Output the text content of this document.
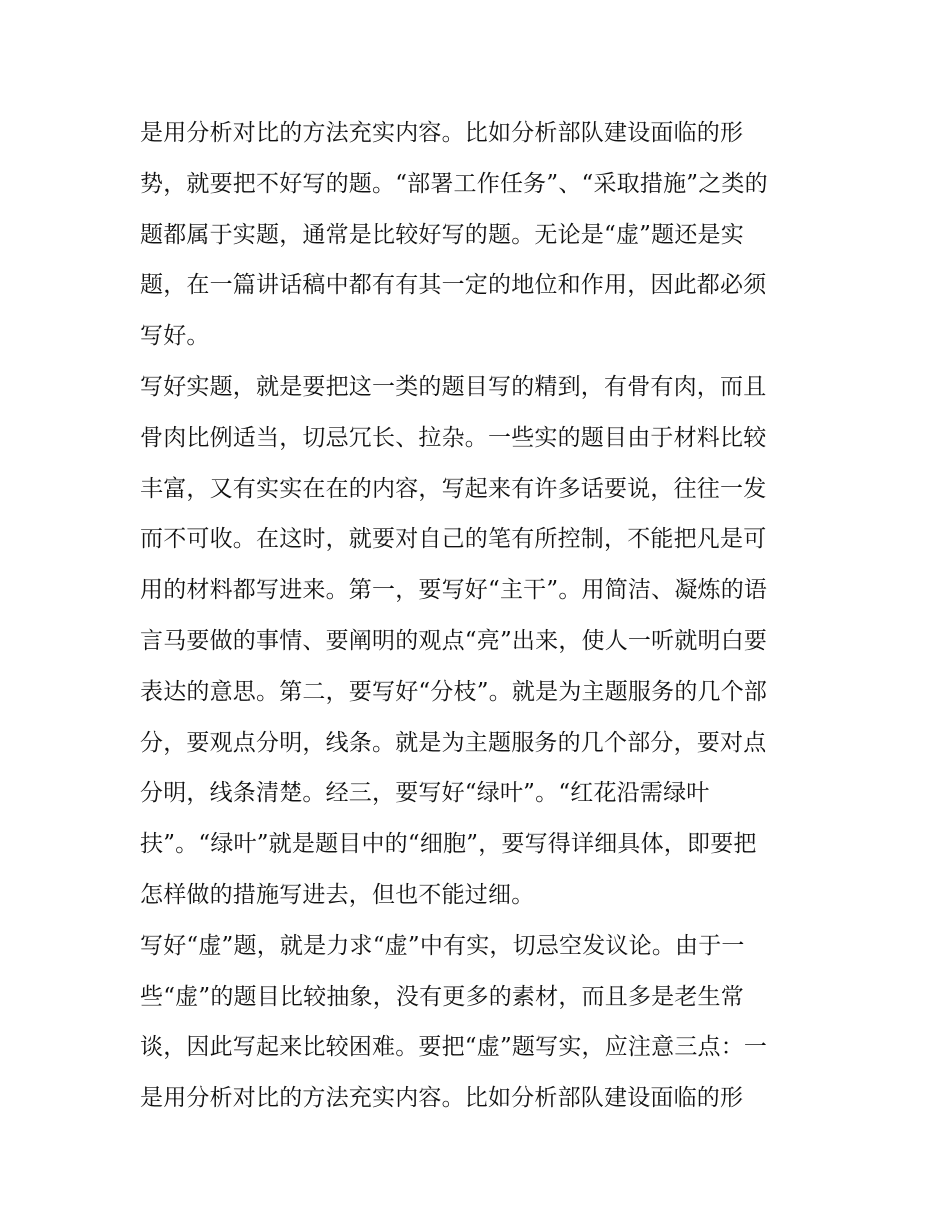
是用分析对比的方法充实内容。比如分析部队建设面临的形
势，就要把不好写的题。“部署工作任务”、“采取措施”之类的
题都属于实题，通常是比较好写的题。无论是“虚”题还是实
题，在一篇讲话稿中都有有其一定的地位和作用，因此都必须
写好。
写好实题，就是要把这一类的题目写的精到，有骨有肉，而且
骨肉比例适当，切忌冗长、拉杂。一些实的题目由于材料比较
丰富，又有实实在在的内容，写起来有许多话要说，往往一发
而不可收。在这时，就要对自己的笔有所控制，不能把凡是可
用的材料都写进来。第一，要写好“主干”。用简洁、凝炼的语
言马要做的事情、要阐明的观点“亮”出来，使人一听就明白要
表达的意思。第二，要写好“分枝”。就是为主题服务的几个部
分，要观点分明，线条。就是为主题服务的几个部分，要对点
分明，线条清楚。经三，要写好“绿叶”。“红花沿需绿叶
扶”。“绿叶”就是题目中的“细胞”，要写得详细具体，即要把
怎样做的措施写进去，但也不能过细。
写好“虚”题，就是力求“虚”中有实，切忌空发议论。由于一
些“虚”的题目比较抽象，没有更多的素材，而且多是老生常
谈，因此写起来比较困难。要把“虚”题写实，应注意三点：一
是用分析对比的方法充实内容。比如分析部队建设面临的形
